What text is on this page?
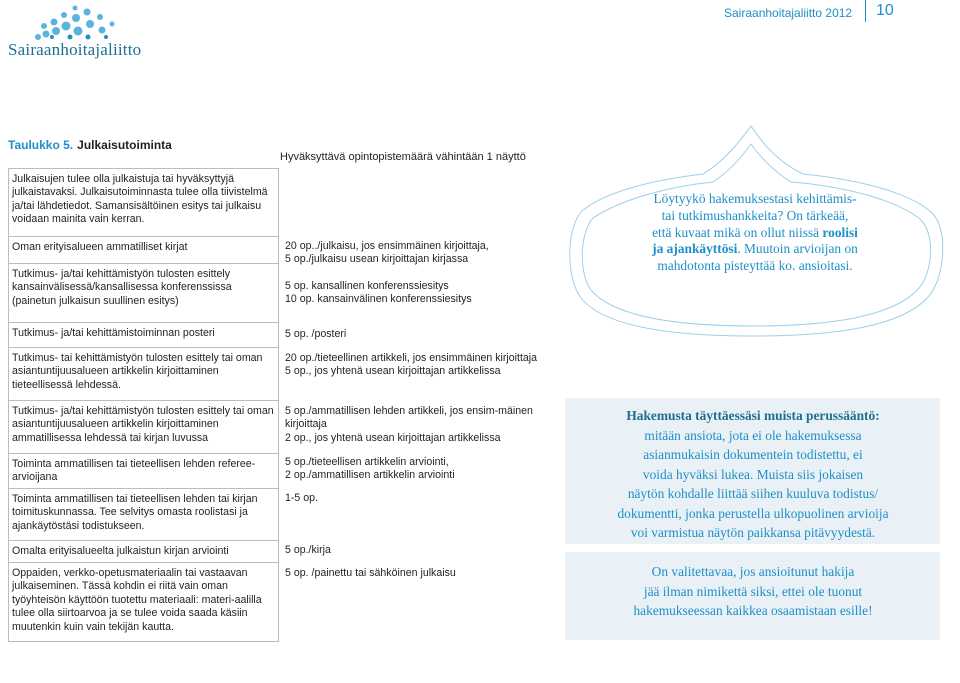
Sairaanhoitajaliitto
Sairaanhoitajaliitto 2012 10
Taulukko 5. Julkaisutoiminta
Hyväksyttävä opintopistemäärä vähintään 1 näyttö
Julkaisujen tulee olla julkaistuja tai hyväksyttyjä julkaistavaksi. Julkaisutoiminnasta tulee olla tiivistelmä ja/tai lähdetiedot. Samansisältöinen esitys tai julkaisu voidaan mainita vain kerran.
Oman erityisalueen ammatilliset kirjat
Tutkimus- ja/tai kehittämistyön tulosten esittely kansainvälisessä/kansallisessa konferenssissa (painetun julkaisun suullinen esitys)
Tutkimus- ja/tai kehittämistoiminnan posteri
Tutkimus- tai kehittämistyön tulosten esittely tai oman asiantuntijuusalueen artikkelin kirjoittaminen tieteellisessä lehdessä.
Tutkimus- ja/tai kehittämistyön tulosten esittely tai oman asiantuntijuusalueen artikkelin kirjoittaminen ammatillisessa lehdessä tai kirjan luvussa
Toiminta ammatillisen tai tieteellisen lehden referee-arvioijana
Toiminta ammatillisen tai tieteellisen lehden tai kirjan toimituskunnassa. Tee selvitys omasta roolistasi ja ajankäytöstäsi todistukseen.
Omalta erityisalueelta julkaistun kirjan arviointi
Oppaiden, verkko-opetusmateriaalin tai vastaavan julkaiseminen. Tässä kohdin ei riitä vain oman työyhteisön käyttöön tuotettu materiaali: materi-aalilla tulee olla siirtoarvoa ja se tulee voida saada käsiin muutenkin kuin vain tekijän kautta.
20 op../julkaisu, jos ensimmäinen kirjoittaja,
5 op./julkaisu usean kirjoittajan kirjassa
5 op. kansallinen konferenssiesitys
10 op. kansainvälinen konferenssiesitys
5 op. /posteri
20 op./tieteellinen artikkeli, jos ensimmäinen kirjoittaja
5 op., jos yhtenä usean kirjoittajan artikkelissa
5 op./ammatillisen lehden artikkeli, jos ensim-mäinen kirjoittaja
2 op., jos yhtenä usean kirjoittajan artikkelissa
5 op./tieteellisen artikkelin arviointi,
2 op./ammatillisen artikkelin arviointi
1-5 op.
5 op./kirja
5 op. /painettu tai sähköinen julkaisu
Löytyykö hakemuksestasi kehittämis-
tai tutkimushankkeita? On tärkeää,
että kuvaat mikä on ollut niissä roolisi
ja ajankäyttösi. Muutoin arvioijan on
mahdotonta pisteyttää ko. ansioitasi.
Hakemusta täyttäessäsi muista perussääntö:
mitään ansiota, jota ei ole hakemuksessa
asianmukaisin dokumentein todistettu, ei
voida hyväksi lukea. Muista siis jokaisen
näytön kohdalle liittää siihen kuuluva todistus/
dokumentti, jonka perustella ulkopuolinen arvioija
voi varmistua näytön paikkansa pitävyydestä.
On valitettavaa, jos ansioitunut hakija
jää ilman nimikettä siksi, ettei ole tuonut
hakemukseessan kaikkea osaamistaan esille!
